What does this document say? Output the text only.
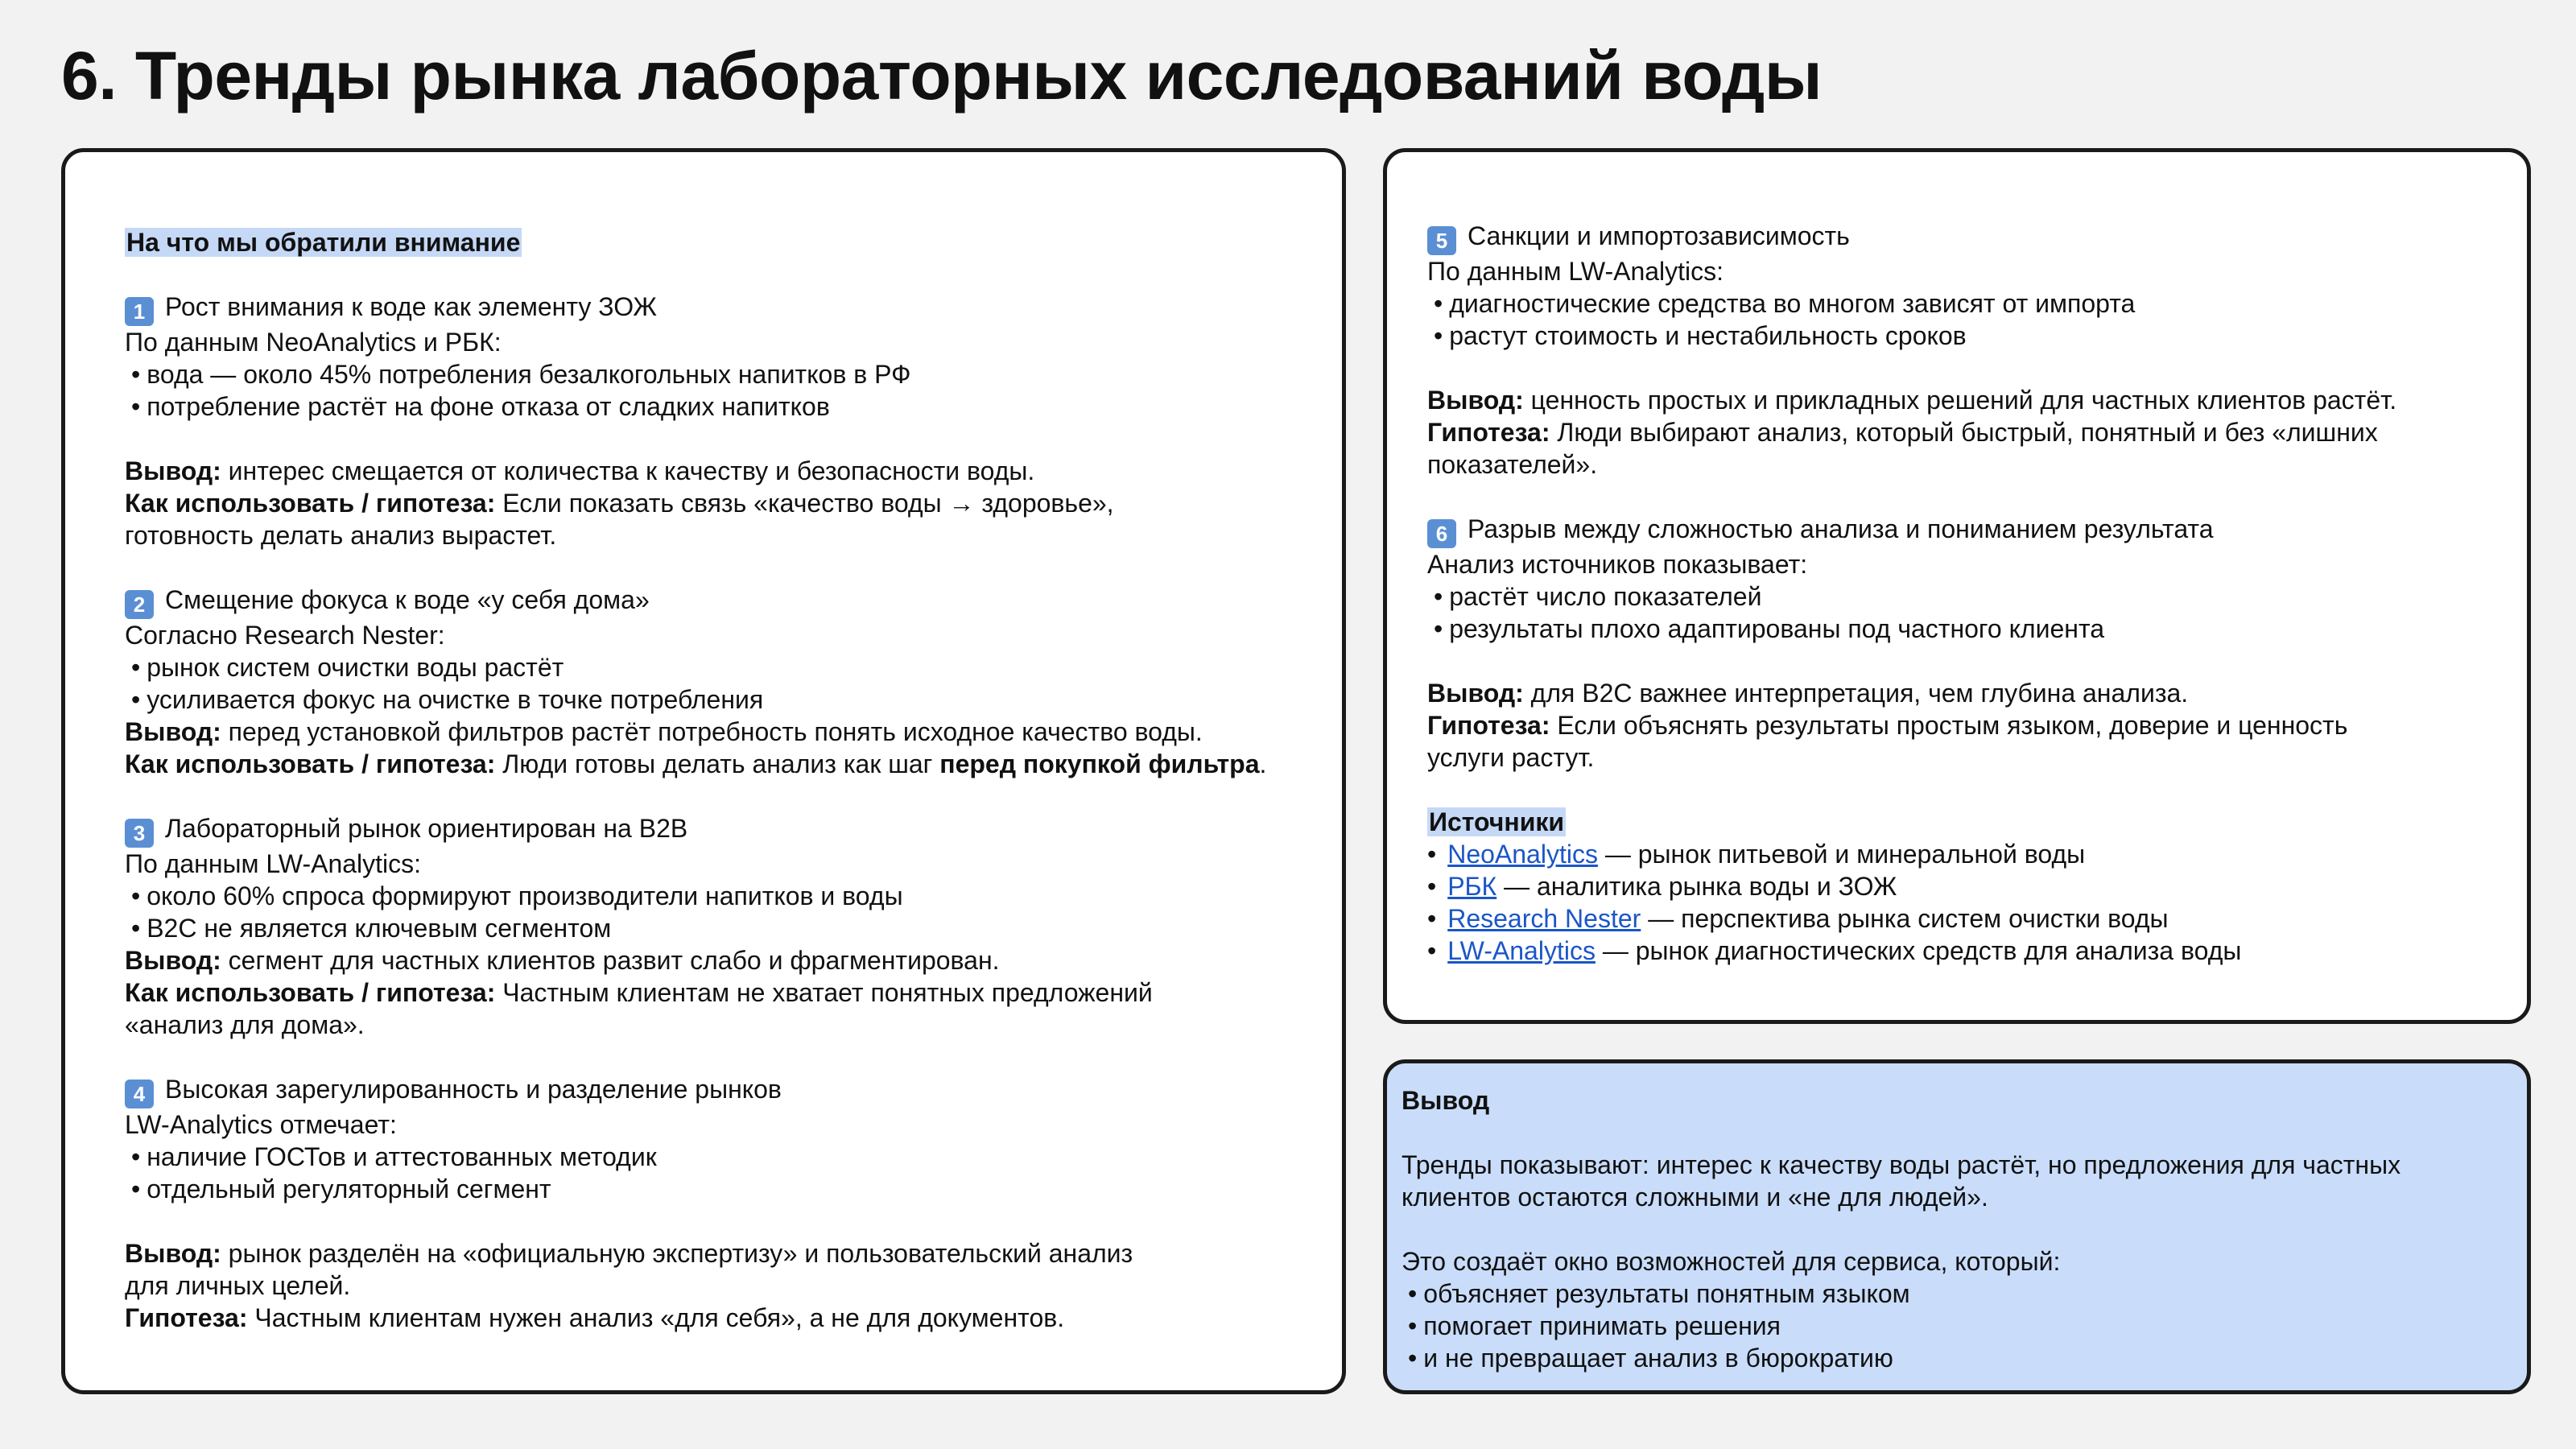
6. Тренды рынка лабораторных исследований воды
На что мы обратили внимание
1 Рост внимания к воде как элементу ЗОЖ
По данным NeoAnalytics и РБК:
• вода — около 45% потребления безалкогольных напитков в РФ
• потребление растёт на фоне отказа от сладких напитков
Вывод: интерес смещается от количества к качеству и безопасности воды.
Как использовать / гипотеза: Если показать связь «качество воды → здоровье»,
готовность делать анализ вырастет.
2 Смещение фокуса к воде «у себя дома»
Согласно Research Nester:
• рынок систем очистки воды растёт
• усиливается фокус на очистке в точке потребления
Вывод: перед установкой фильтров растёт потребность понять исходное качество воды.
Как использовать / гипотеза: Люди готовы делать анализ как шаг перед покупкой фильтра.
3 Лабораторный рынок ориентирован на B2B
По данным LW-Analytics:
• около 60% спроса формируют производители напитков и воды
• B2C не является ключевым сегментом
Вывод: сегмент для частных клиентов развит слабо и фрагментирован.
Как использовать / гипотеза: Частным клиентам не хватает понятных предложений
«анализ для дома».
4 Высокая зарегулированность и разделение рынков
LW-Analytics отмечает:
• наличие ГОСТов и аттестованных методик
• отдельный регуляторный сегмент
Вывод: рынок разделён на «официальную экспертизу» и пользовательский анализ
для личных целей.
Гипотеза: Частным клиентам нужен анализ «для себя», а не для документов.
5 Санкции и импортозависимость
По данным LW-Analytics:
• диагностические средства во многом зависят от импорта
• растут стоимость и нестабильность сроков
Вывод: ценность простых и прикладных решений для частных клиентов растёт.
Гипотеза: Люди выбирают анализ, который быстрый, понятный и без «лишних
показателей».
6 Разрыв между сложностью анализа и пониманием результата
Анализ источников показывает:
• растёт число показателей
• результаты плохо адаптированы под частного клиента
Вывод: для B2C важнее интерпретация, чем глубина анализа.
Гипотеза: Если объяснять результаты простым языком, доверие и ценность
услуги растут.
Источники
• NeoAnalytics — рынок питьевой и минеральной воды
• РБК — аналитика рынка воды и ЗОЖ
• Research Nester — перспектива рынка систем очистки воды
• LW-Analytics — рынок диагностических средств для анализа воды
Вывод
Тренды показывают: интерес к качеству воды растёт, но предложения для частных
клиентов остаются сложными и «не для людей».
Это создаёт окно возможностей для сервиса, который:
• объясняет результаты понятным языком
• помогает принимать решения
• и не превращает анализ в бюрократию
